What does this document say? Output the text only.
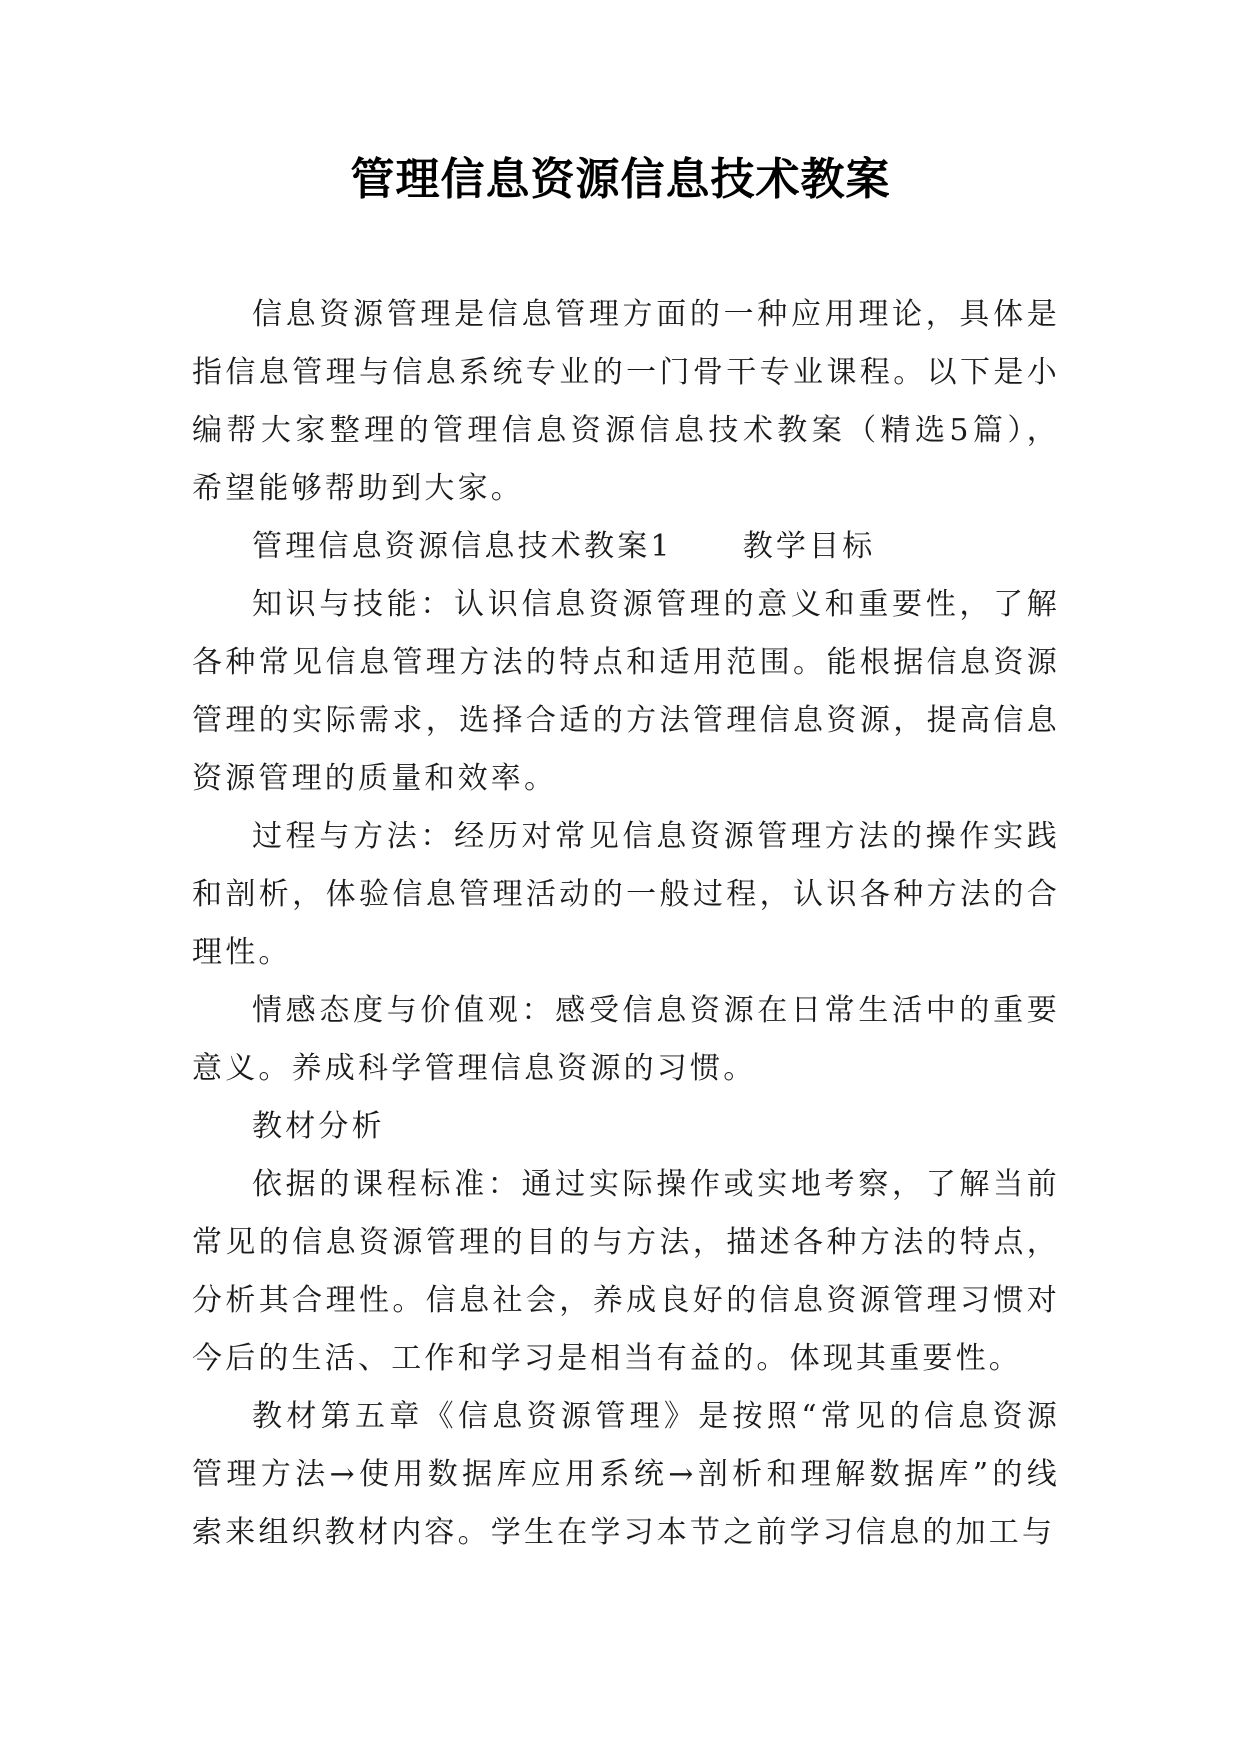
管理信息资源信息技术教案

信息资源管理是信息管理方面的一种应用理论，具体是指信息管理与信息系统专业的一门骨干专业课程。以下是小编帮大家整理的管理信息资源信息技术教案（精选5篇），希望能够帮助到大家。

管理信息资源信息技术教案1 教学目标

知识与技能：认识信息资源管理的意义和重要性，了解各种常见信息管理方法的特点和适用范围。能根据信息资源管理的实际需求，选择合适的方法管理信息资源，提高信息资源管理的质量和效率。

过程与方法：经历对常见信息资源管理方法的操作实践和剖析，体验信息管理活动的一般过程，认识各种方法的合理性。

情感态度与价值观：感受信息资源在日常生活中的重要意义。养成科学管理信息资源的习惯。

教材分析

依据的课程标准：通过实际操作或实地考察，了解当前常见的信息资源管理的目的与方法，描述各种方法的特点，分析其合理性。信息社会，养成良好的信息资源管理习惯对今后的生活、工作和学习是相当有益的。体现其重要性。

教材第五章《信息资源管理》是按照“常见的信息资源管理方法→使用数据库应用系统→剖析和理解数据库”的线索来组织教材内容。学生在学习本节之前学习信息的加工与
